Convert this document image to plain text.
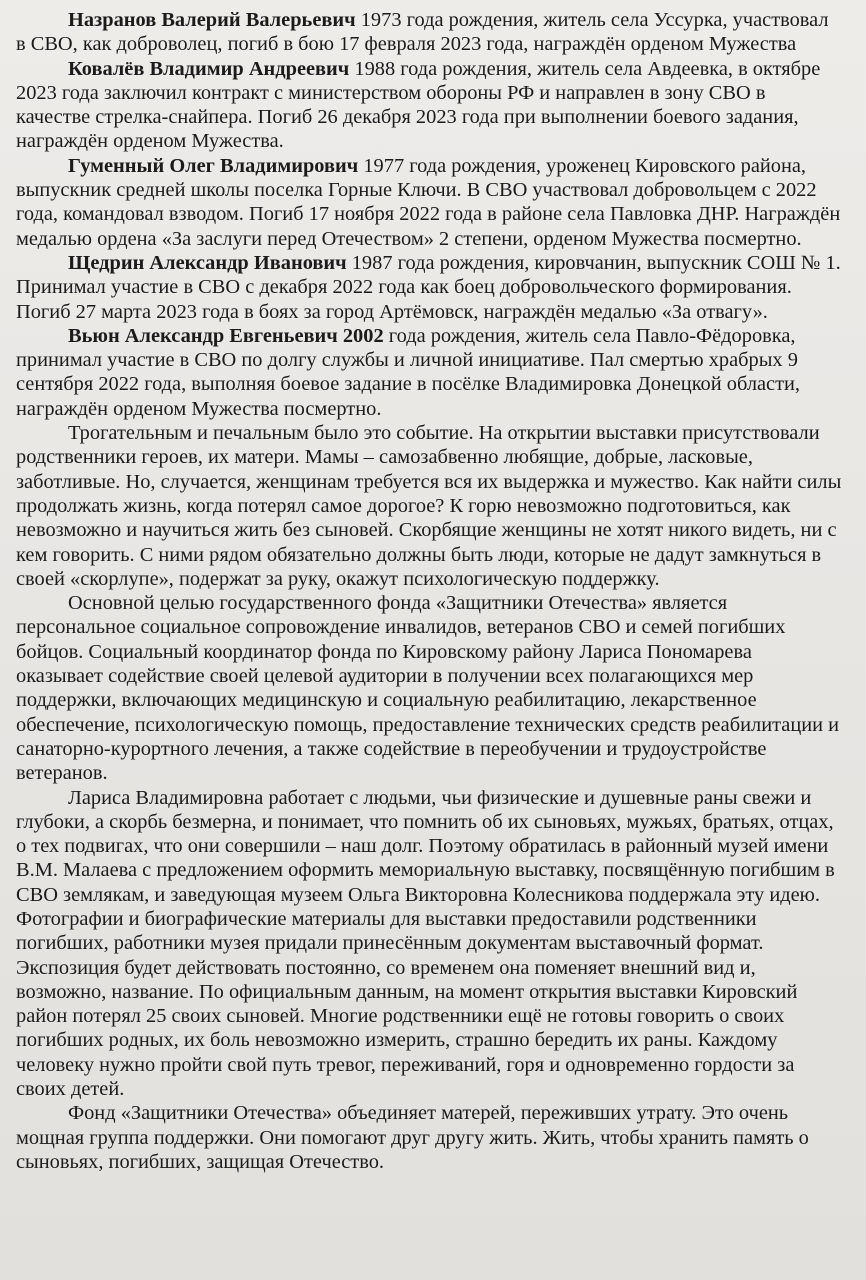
Назранов Валерий Валерьевич 1973 года рождения, житель села Уссурка, участвовал в СВО, как доброволец, погиб в бою 17 февраля 2023 года, награждён орденом Мужества

Ковалёв Владимир Андреевич 1988 года рождения, житель села Авдеевка, в октябре 2023 года заключил контракт с министерством обороны РФ и направлен в зону СВО в качестве стрелка-снайпера. Погиб 26 декабря 2023 года при выполнении боевого задания, награждён орденом Мужества.

Гуменный Олег Владимирович 1977 года рождения, уроженец Кировского района, выпускник средней школы поселка Горные Ключи. В СВО участвовал добровольцем с 2022 года, командовал взводом. Погиб 17 ноября 2022 года в районе села Павловка ДНР. Награждён медалью ордена «За заслуги перед Отечеством» 2 степени, орденом Мужества посмертно.

Щедрин Александр Иванович 1987 года рождения, кировчанин, выпускник СОШ № 1. Принимал участие в СВО с декабря 2022 года как боец добровольческого формирования. Погиб 27 марта 2023 года в боях за город Артёмовск, награждён медалью «За отвагу».

Вьюн Александр Евгеньевич 2002 года рождения, житель села Павло-Фёдоровка, принимал участие в СВО по долгу службы и личной инициативе. Пал смертью храбрых 9 сентября 2022 года, выполняя боевое задание в посёлке Владимировка Донецкой области, награждён орденом Мужества посмертно.

Трогательным и печальным было это событие. На открытии выставки присутствовали родственники героев, их матери. Мамы – самозабвенно любящие, добрые, ласковые, заботливые. Но, случается, женщинам требуется вся их выдержка и мужество. Как найти силы продолжать жизнь, когда потерял самое дорогое? К горю невозможно подготовиться, как невозможно и научиться жить без сыновей. Скорбящие женщины не хотят никого видеть, ни с кем говорить. С ними рядом обязательно должны быть люди, которые не дадут замкнуться в своей «скорлупе», подержат за руку, окажут психологическую поддержку.

Основной целью государственного фонда «Защитники Отечества» является персональное социальное сопровождение инвалидов, ветеранов СВО и семей погибших бойцов. Социальный координатор фонда по Кировскому району Лариса Пономарева оказывает содействие своей целевой аудитории в получении всех полагающихся мер поддержки, включающих медицинскую и социальную реабилитацию, лекарственное обеспечение, психологическую помощь, предоставление технических средств реабилитации и санаторно-курортного лечения, а также содействие в переобучении и трудоустройстве ветеранов.

Лариса Владимировна работает с людьми, чьи физические и душевные раны свежи и глубоки, а скорбь безмерна, и понимает, что помнить об их сыновьях, мужьях, братьях, отцах, о тех подвигах, что они совершили – наш долг. Поэтому обратилась в районный музей имени В.М. Малаева с предложением оформить мемориальную выставку, посвящённую погибшим в СВО землякам, и заведующая музеем Ольга Викторовна Колесникова поддержала эту идею. Фотографии и биографические материалы для выставки предоставили родственники погибших, работники музея придали принесённым документам выставочный формат. Экспозиция будет действовать постоянно, со временем она поменяет внешний вид и, возможно, название. По официальным данным, на момент открытия выставки Кировский район потерял 25 своих сыновей. Многие родственники ещё не готовы говорить о своих погибших родных, их боль невозможно измерить, страшно бередить их раны. Каждому человеку нужно пройти свой путь тревог, переживаний, горя и одновременно гордости за своих детей.

Фонд «Защитники Отечества» объединяет матерей, переживших утрату. Это очень мощная группа поддержки. Они помогают друг другу жить. Жить, чтобы хранить память о сыновьях, погибших, защищая Отечество.
